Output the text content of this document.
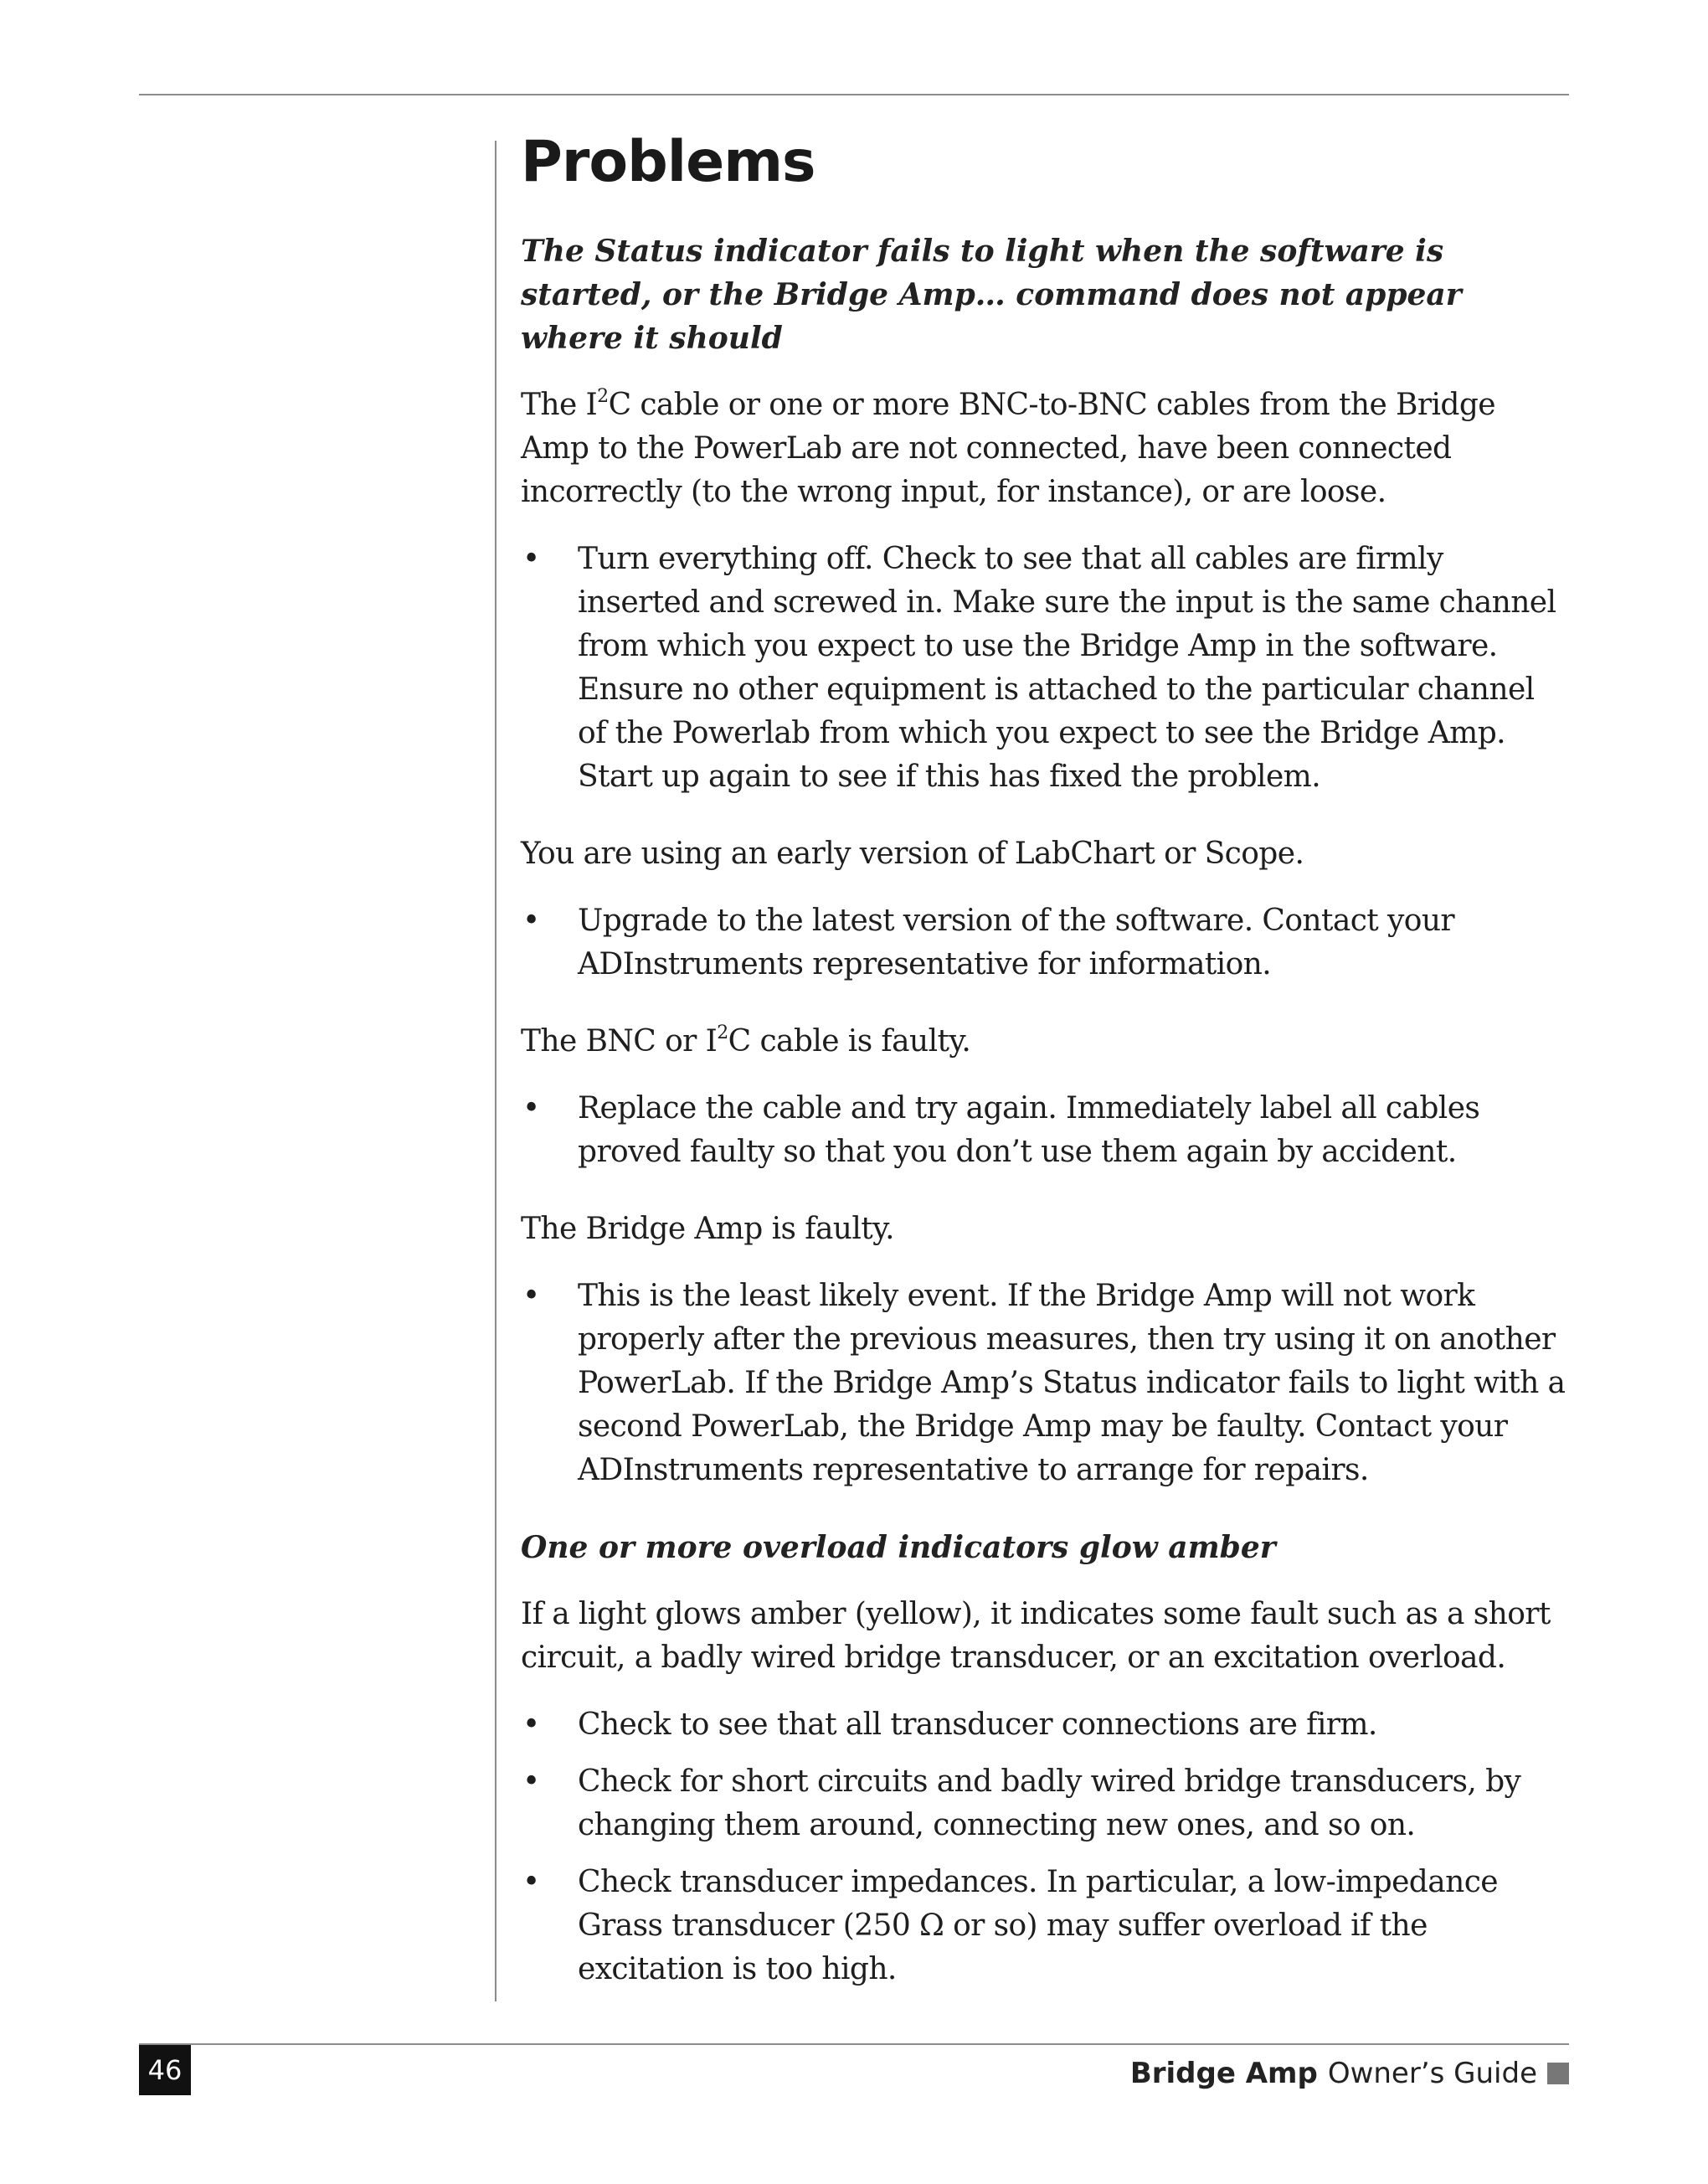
Problems

The Status indicator fails to light when the software is started, or the Bridge Amp… command does not appear where it should

The $I^2C$ cable or one or more BNC-to-BNC cables from the Bridge Amp to the PowerLab are not connected, have been connected incorrectly (to the wrong input, for instance), or are loose.

• Turn everything off. Check to see that all cables are firmly inserted and screwed in. Make sure the input is the same channel from which you expect to use the Bridge Amp in the software. Ensure no other equipment is attached to the particular channel of the Powerlab from which you expect to see the Bridge Amp. Start up again to see if this has fixed the problem.

You are using an early version of LabChart or Scope.

• Upgrade to the latest version of the software. Contact your ADInstruments representative for information.

The BNC or $I^2C$ cable is faulty.

• Replace the cable and try again. Immediately label all cables proved faulty so that you don’t use them again by accident.

The Bridge Amp is faulty.

• This is the least likely event. If the Bridge Amp will not work properly after the previous measures, then try using it on another PowerLab. If the Bridge Amp’s Status indicator fails to light with a second PowerLab, the Bridge Amp may be faulty. Contact your ADInstruments representative to arrange for repairs.

One or more overload indicators glow amber

If a light glows amber (yellow), it indicates some fault such as a short circuit, a badly wired bridge transducer, or an excitation overload.

• Check to see that all transducer connections are firm.
• Check for short circuits and badly wired bridge transducers, by changing them around, connecting new ones, and so on.
• Check transducer impedances. In particular, a low-impedance Grass transducer (250 Ω or so) may suffer overload if the excitation is too high.
46	Bridge Amp Owner’s Guide
